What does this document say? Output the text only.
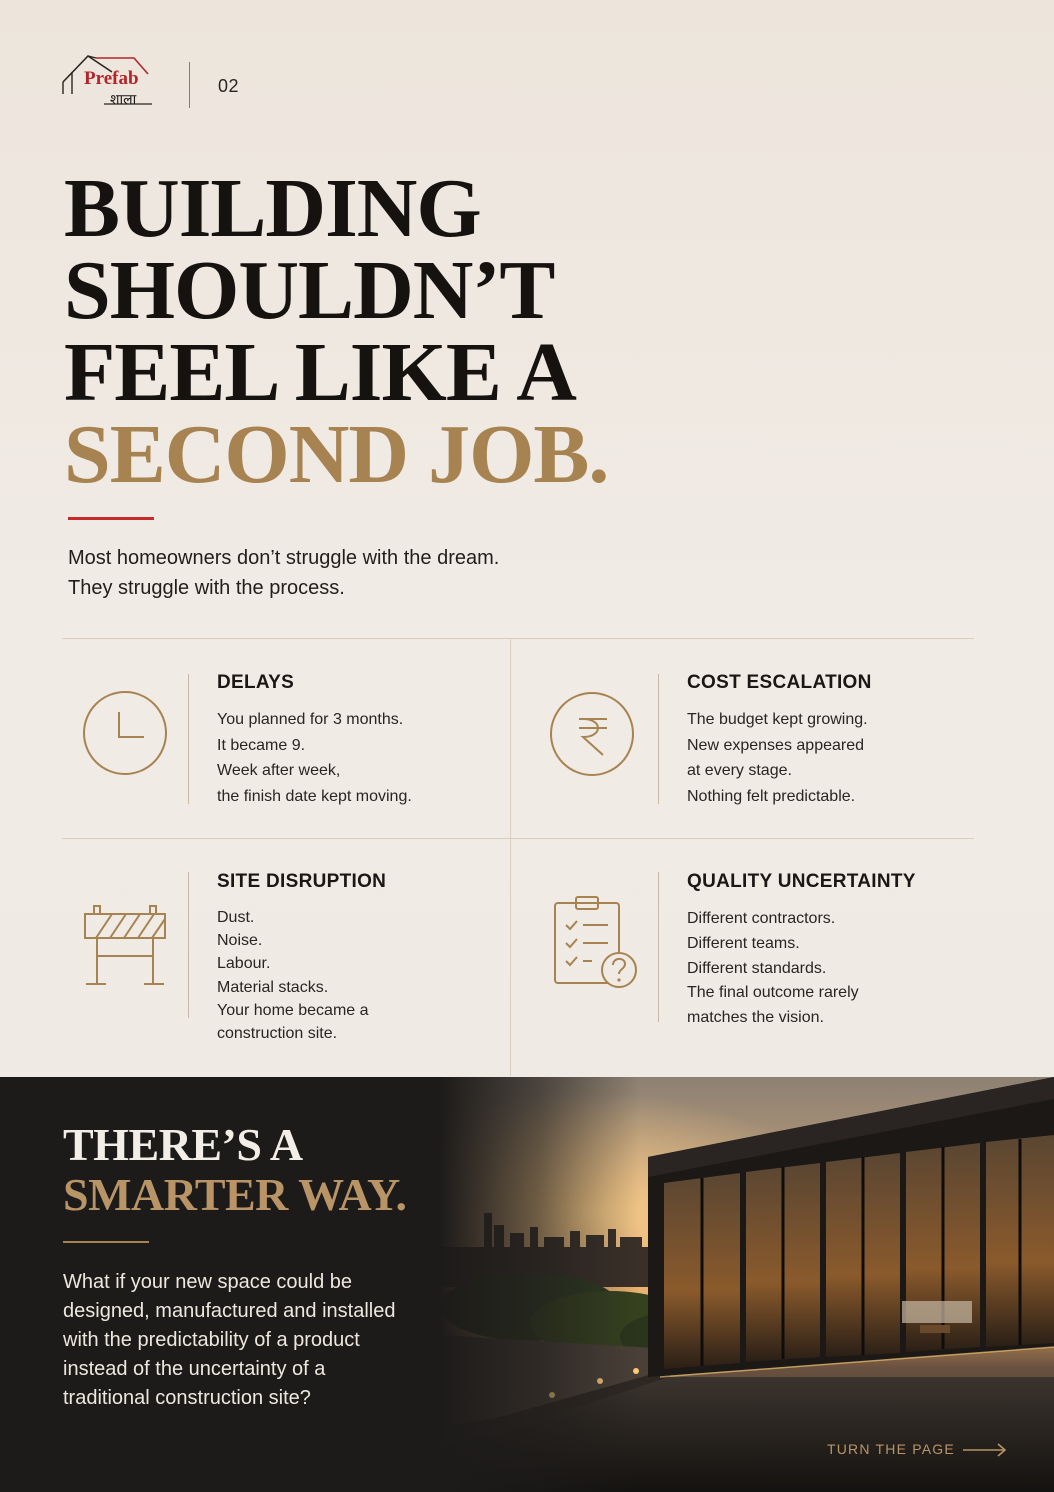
Prefab
शाला
02
BUILDING
SHOULDN’T
FEEL LIKE A
SECOND JOB.

Most homeowners don’t struggle with the dream.
They struggle with the process.

DELAYS
You planned for 3 months.
It became 9.
Week after week,
the finish date kept moving.
COST ESCALATION
The budget kept growing.
New expenses appeared
at every stage.
Nothing felt predictable.
SITE DISRUPTION
Dust.
Noise.
Labour.
Material stacks.
Your home became a
construction site.
QUALITY UNCERTAINTY
Different contractors.
Different teams.
Different standards.
The final outcome rarely
matches the vision.
THERE’S A
SMARTER WAY.

What if your new space could be
designed, manufactured and installed
with the predictability of a product
instead of the uncertainty of a
traditional construction site?

TURN THE PAGE
